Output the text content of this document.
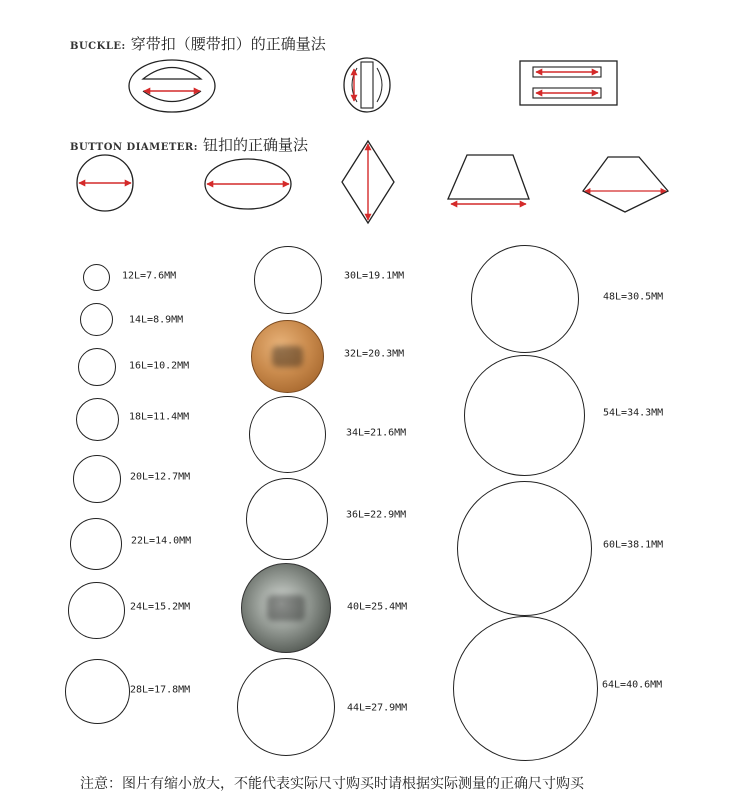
BUCKLE: 穿带扣（腰带扣）的正确量法
BUTTON DIAMETER: 钮扣的正确量法
12L=7.6MM
14L=8.9MM
16L=10.2MM
18L=11.4MM
20L=12.7MM
22L=14.0MM
24L=15.2MM
28L=17.8MM
30L=19.1MM
32L=20.3MM
34L=21.6MM
36L=22.9MM
40L=25.4MM
44L=27.9MM
48L=30.5MM
54L=34.3MM
60L=38.1MM
64L=40.6MM
注意：图片有缩小放大，不能代表实际尺寸购买时请根据实际测量的正确尺寸购买
